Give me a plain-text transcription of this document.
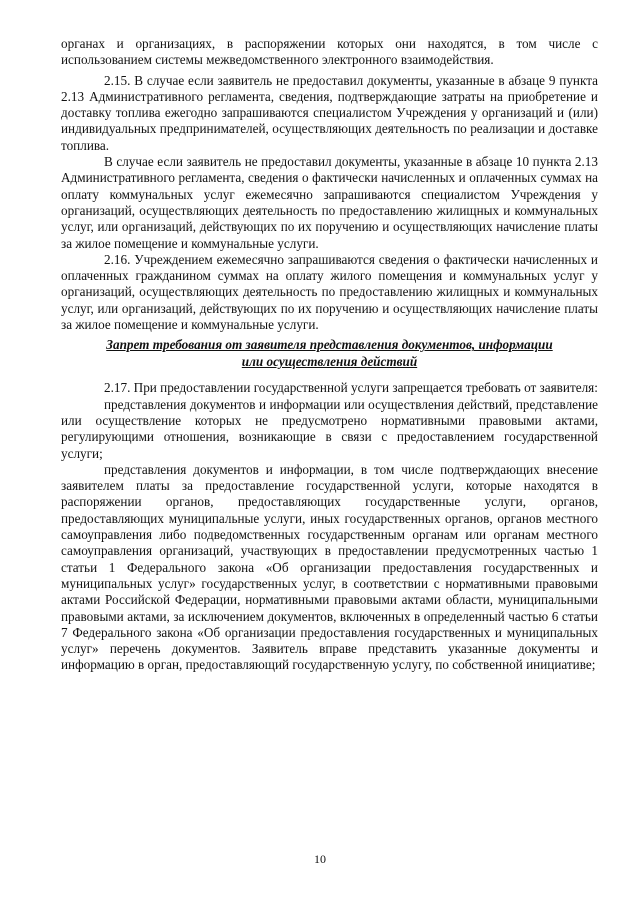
органах и организациях, в распоряжении которых они находятся, в том числе с использованием системы межведомственного электронного взаимодействия.

2.15. В случае если заявитель не предоставил документы, указанные в абзаце 9 пункта 2.13 Административного регламента, сведения, подтверждающие затраты на приобретение и доставку топлива ежегодно запрашиваются специалистом Учреждения у организаций и (или) индивидуальных предпринимателей, осуществляющих деятельность по реализации и доставке топлива.

В случае если заявитель не предоставил документы, указанные в абзаце 10 пункта 2.13 Административного регламента, сведения о фактически начисленных и оплаченных суммах на оплату коммунальных услуг ежемесячно запрашиваются специалистом Учреждения у организаций, осуществляющих деятельность по предоставлению жилищных и коммунальных услуг, или организаций, действующих по их поручению и осуществляющих начисление платы за жилое помещение и коммунальные услуги.

2.16. Учреждением ежемесячно запрашиваются сведения о фактически начисленных и оплаченных гражданином суммах на оплату жилого помещения и коммунальных услуг у организаций, осуществляющих деятельность по предоставлению жилищных и коммунальных услуг, или организаций, действующих по их поручению и осуществляющих начисление платы за жилое помещение и коммунальные услуги.

Запрет требования от заявителя представления документов, информации
или осуществления действий

2.17. При предоставлении государственной услуги запрещается требовать от заявителя:

представления документов и информации или осуществления действий, представление или осуществление которых не предусмотрено нормативными правовыми актами, регулирующими отношения, возникающие в связи с предоставлением государственной услуги;

представления документов и информации, в том числе подтверждающих внесение заявителем платы за предоставление государственной услуги, которые находятся в распоряжении органов, предоставляющих государственные услуги, органов, предоставляющих муниципальные услуги, иных государственных органов, органов местного самоуправления либо подведомственных государственным органам или органам местного самоуправления организаций, участвующих в предоставлении предусмотренных частью 1 статьи 1 Федерального закона «Об организации предоставления государственных и муниципальных услуг» государственных услуг, в соответствии с нормативными правовыми актами Российской Федерации, нормативными правовыми актами области, муниципальными правовыми актами, за исключением документов, включенных в определенный частью 6 статьи 7 Федерального закона «Об организации предоставления государственных и муниципальных услуг» перечень документов. Заявитель вправе представить указанные документы и информацию в орган, предоставляющий государственную услугу, по собственной инициативе;

10
